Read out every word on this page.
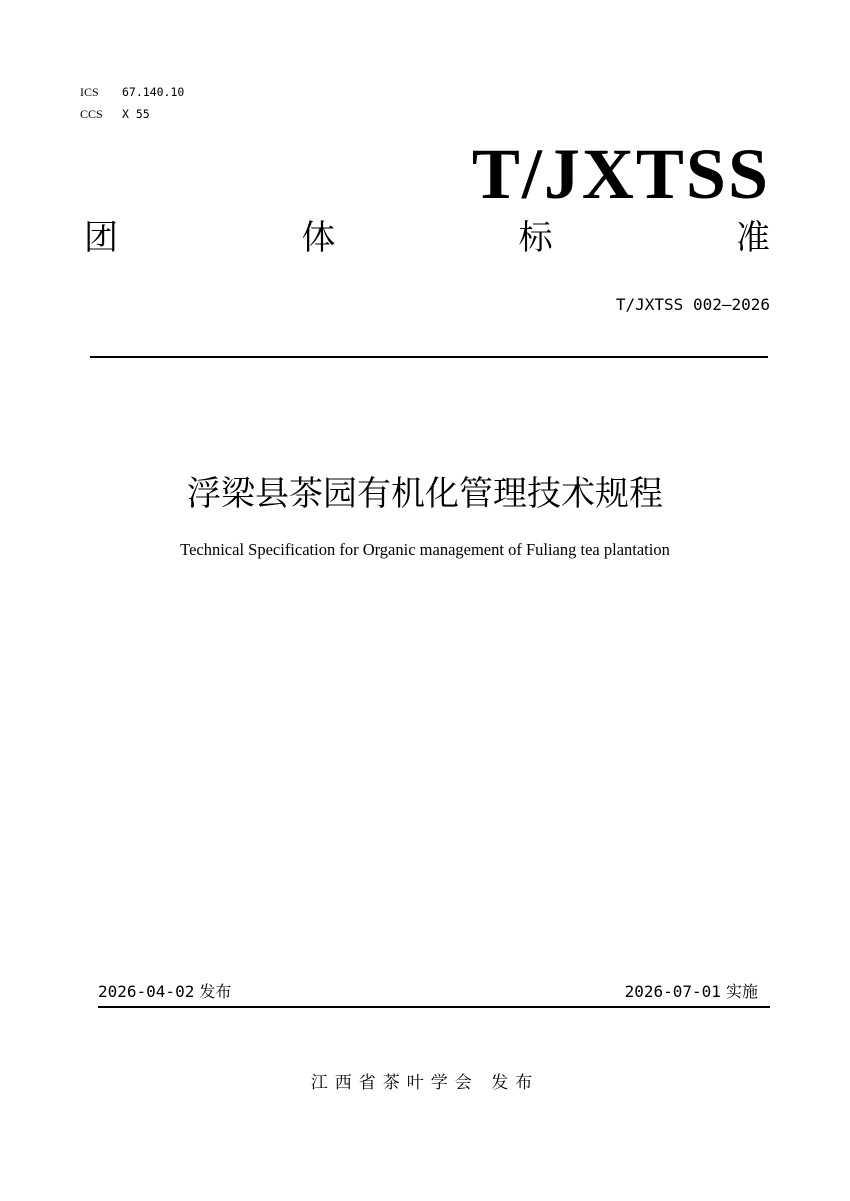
ICS 67.140.10
CCS X 55
T/JXTSS
团	体	标	准
T/JXTSS 002—2026
浮梁县茶园有机化管理技术规程
Technical Specification for Organic management of Fuliang tea plantation
2026-04-02 发布	2026-07-01 实施
江西省茶叶学会 发布
